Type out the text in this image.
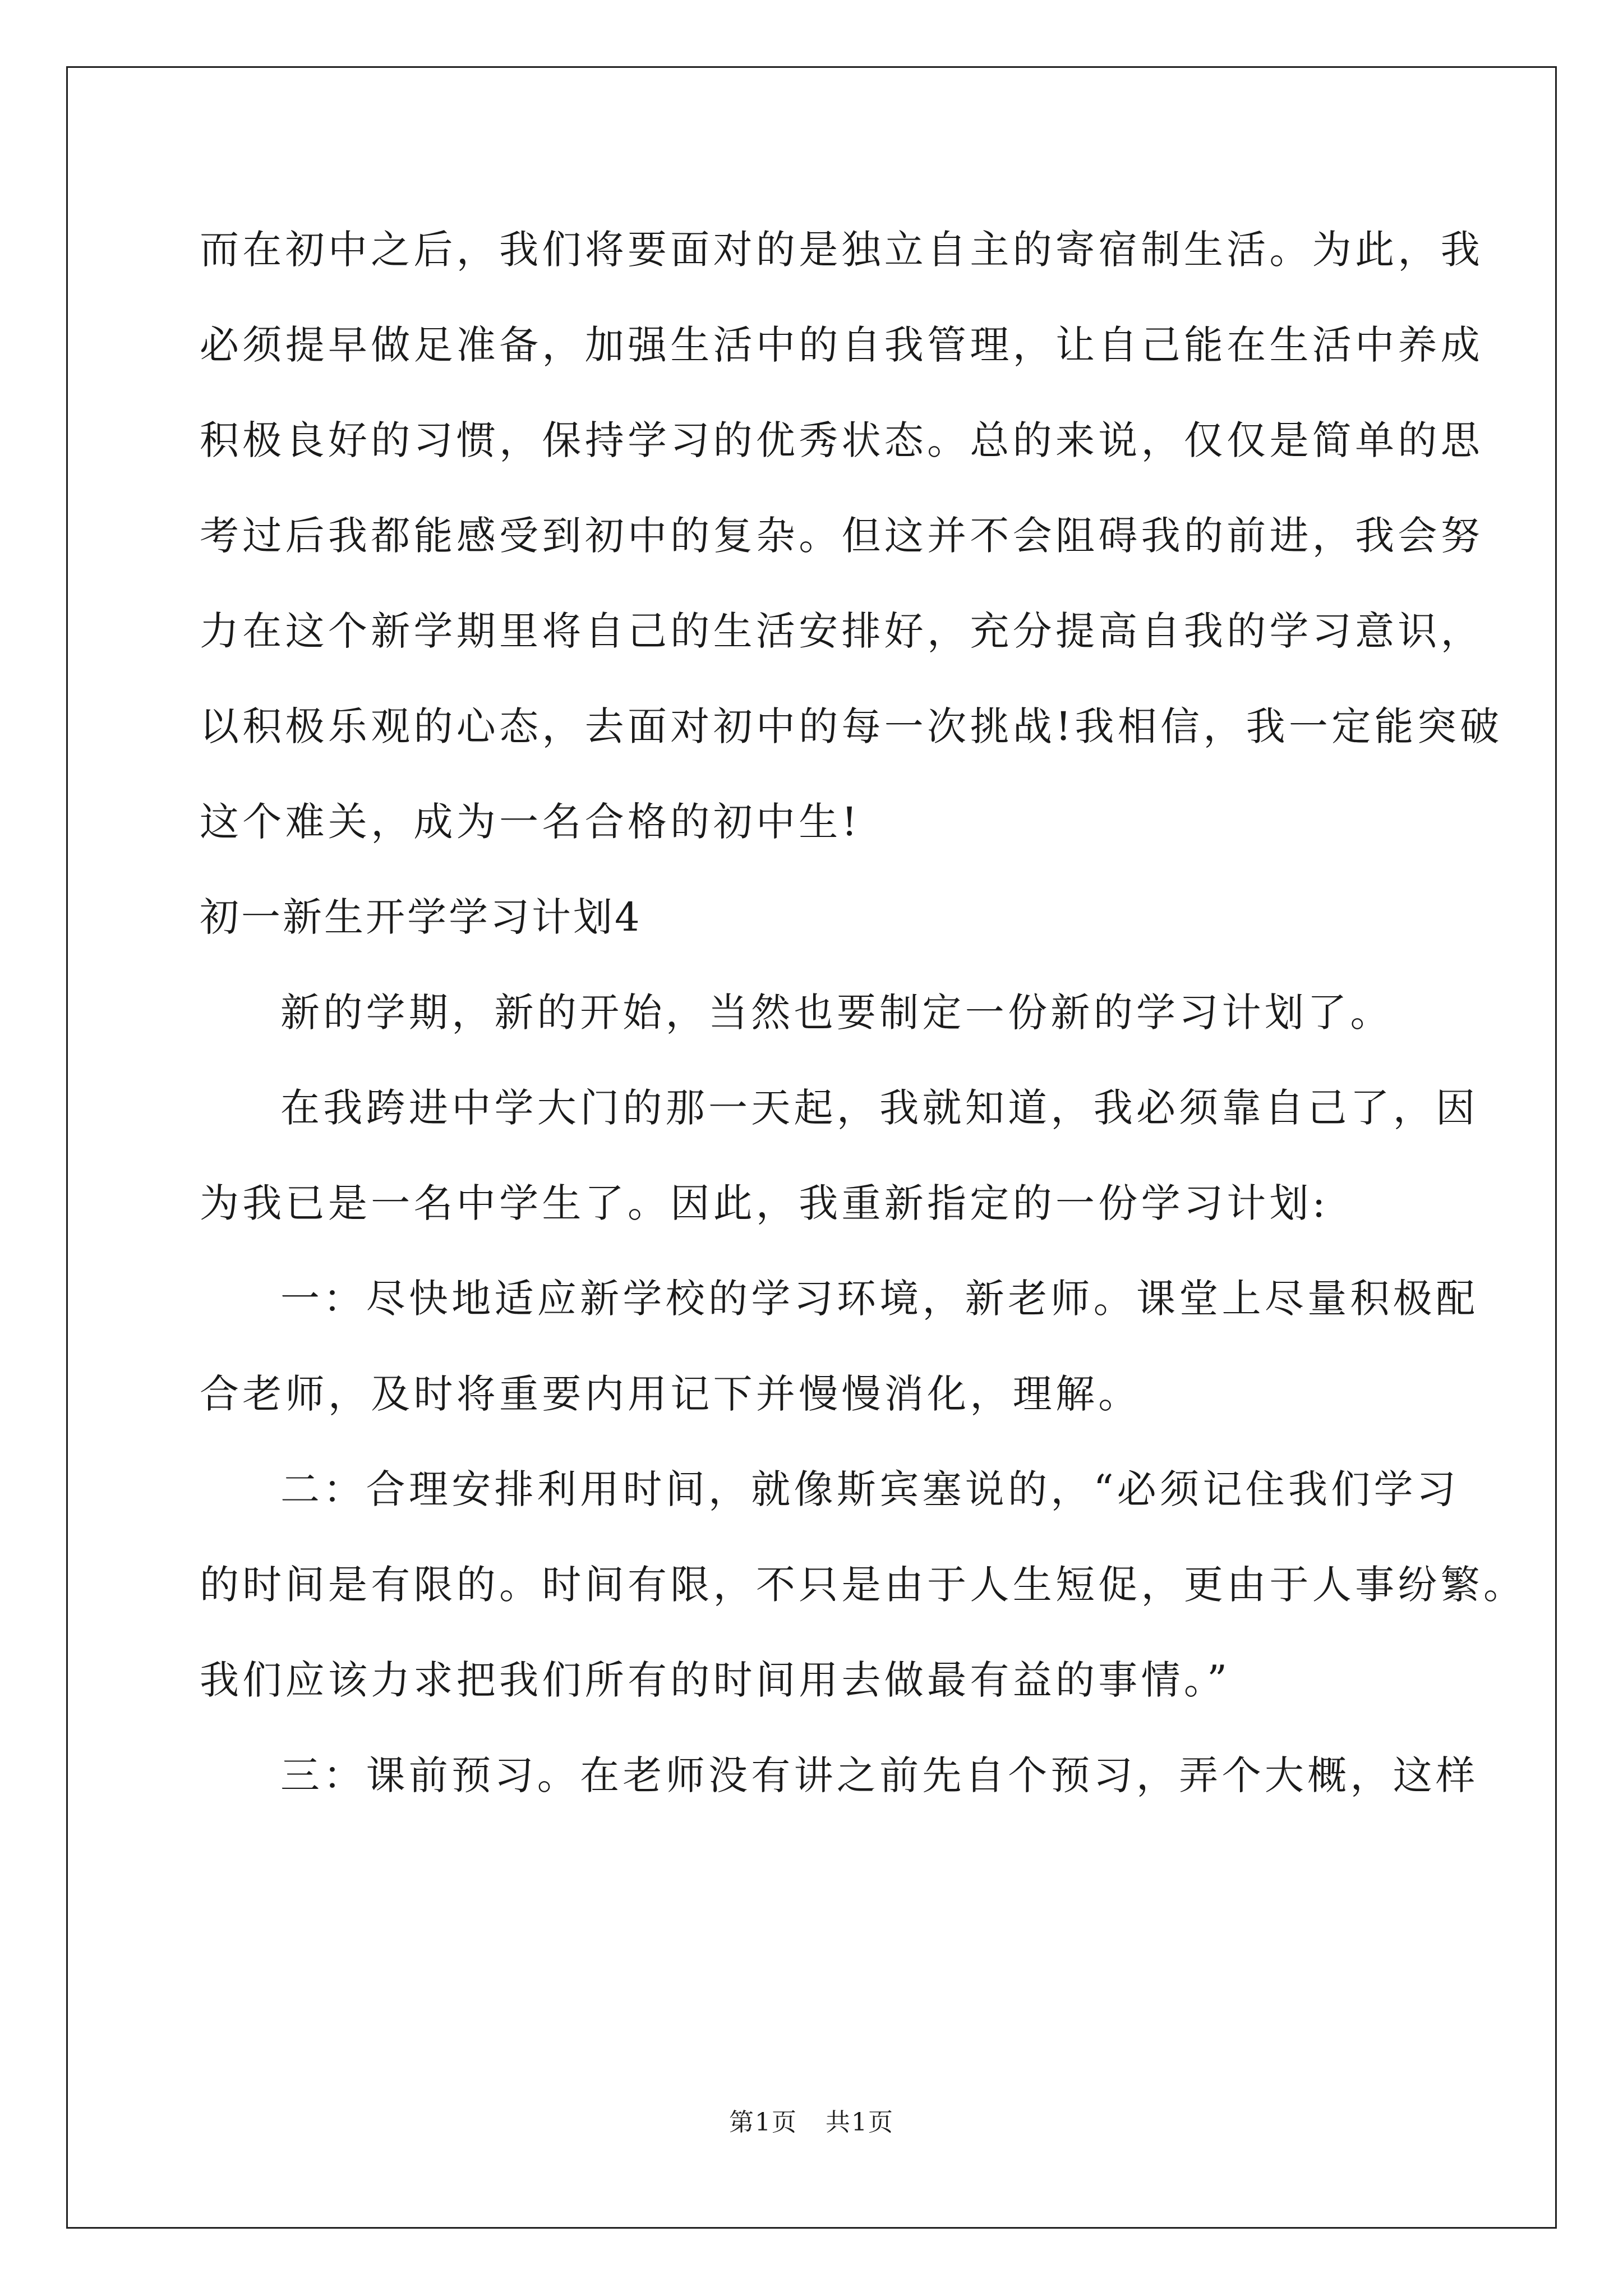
而在初中之后，我们将要面对的是独立自主的寄宿制生活。为此，我
必须提早做足准备，加强生活中的自我管理，让自己能在生活中养成
积极良好的习惯，保持学习的优秀状态。总的来说，仅仅是简单的思
考过后我都能感受到初中的复杂。但这并不会阻碍我的前进，我会努
力在这个新学期里将自己的生活安排好，充分提高自我的学习意识，
以积极乐观的心态，去面对初中的每一次挑战!我相信，我一定能突破
这个难关，成为一名合格的初中生!
初一新生开学学习计划4
新的学期，新的开始，当然也要制定一份新的学习计划了。
在我跨进中学大门的那一天起，我就知道，我必须靠自己了，因
为我已是一名中学生了。因此，我重新指定的一份学习计划:
一：尽快地适应新学校的学习环境，新老师。课堂上尽量积极配
合老师，及时将重要内用记下并慢慢消化，理解。
二：合理安排利用时间，就像斯宾塞说的，“必须记住我们学习
的时间是有限的。时间有限，不只是由于人生短促，更由于人事纷繁。
我们应该力求把我们所有的时间用去做最有益的事情。”
三：课前预习。在老师没有讲之前先自个预习，弄个大概，这样
第1页 共1页
